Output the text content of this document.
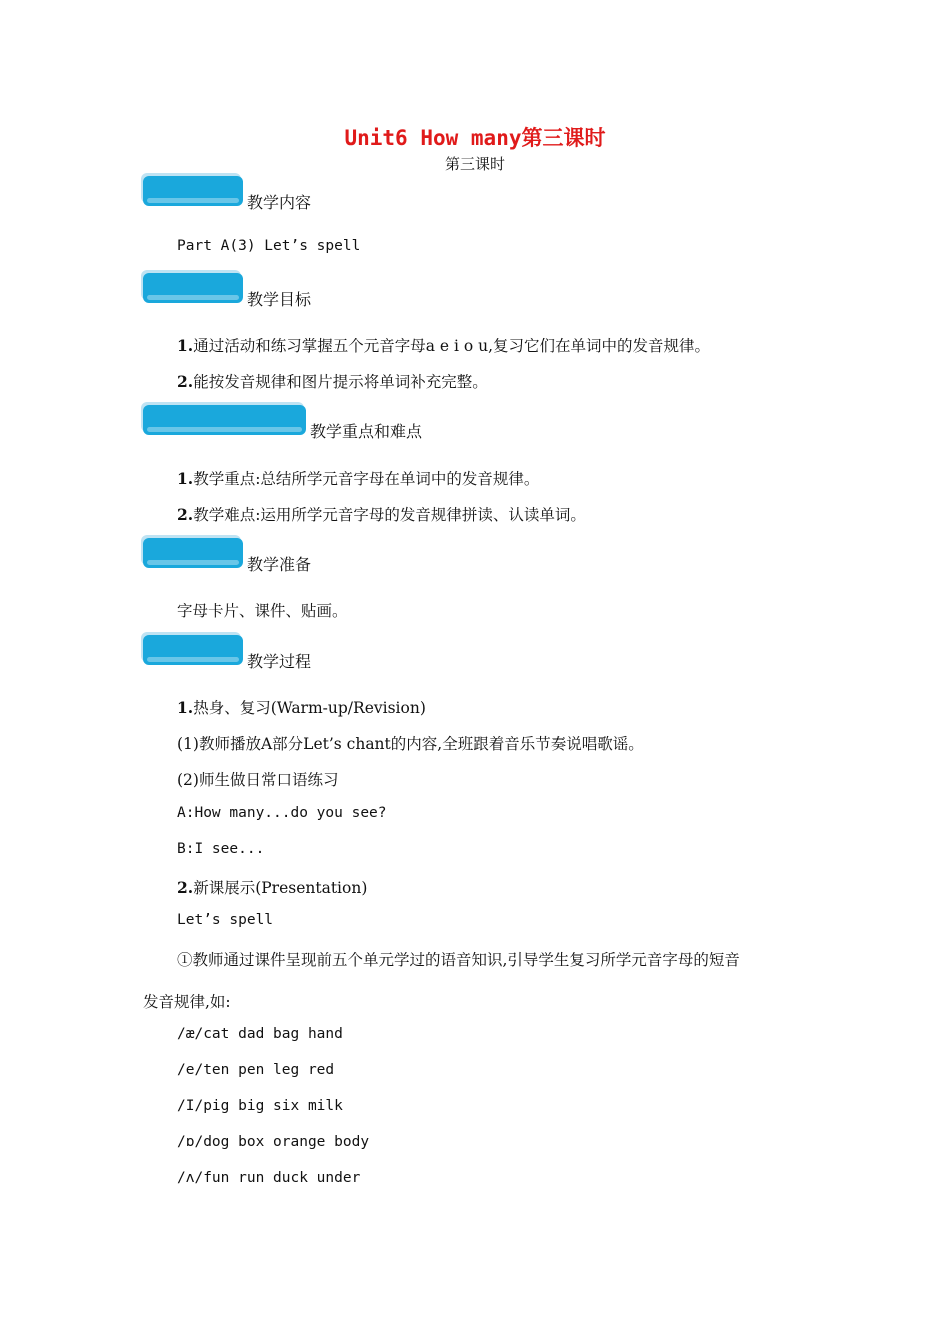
Unit6 How many第三课时
第三课时
教学内容
Part A(3) Let’s spell
教学目标
1.通过活动和练习掌握五个元音字母a e i o u,复习它们在单词中的发音规律。
2.能按发音规律和图片提示将单词补充完整。
教学重点和难点
1.教学重点:总结所学元音字母在单词中的发音规律。
2.教学难点:运用所学元音字母的发音规律拼读、认读单词。
教学准备
字母卡片、课件、贴画。
教学过程
1.热身、复习(Warm-up/Revision)
(1)教师播放A部分Let’s chant的内容,全班跟着音乐节奏说唱歌谣。
(2)师生做日常口语练习
A:How many...do you see?
B:I see...
2.新课展示(Presentation)
Let’s spell
①教师通过课件呈现前五个单元学过的语音知识,引导学生复习所学元音字母的短音
发音规律,如:
/æ/cat dad bag hand
/e/ten pen leg red
/I/pig big six milk
/ɒ/dog box orange body
/ʌ/fun run duck under
